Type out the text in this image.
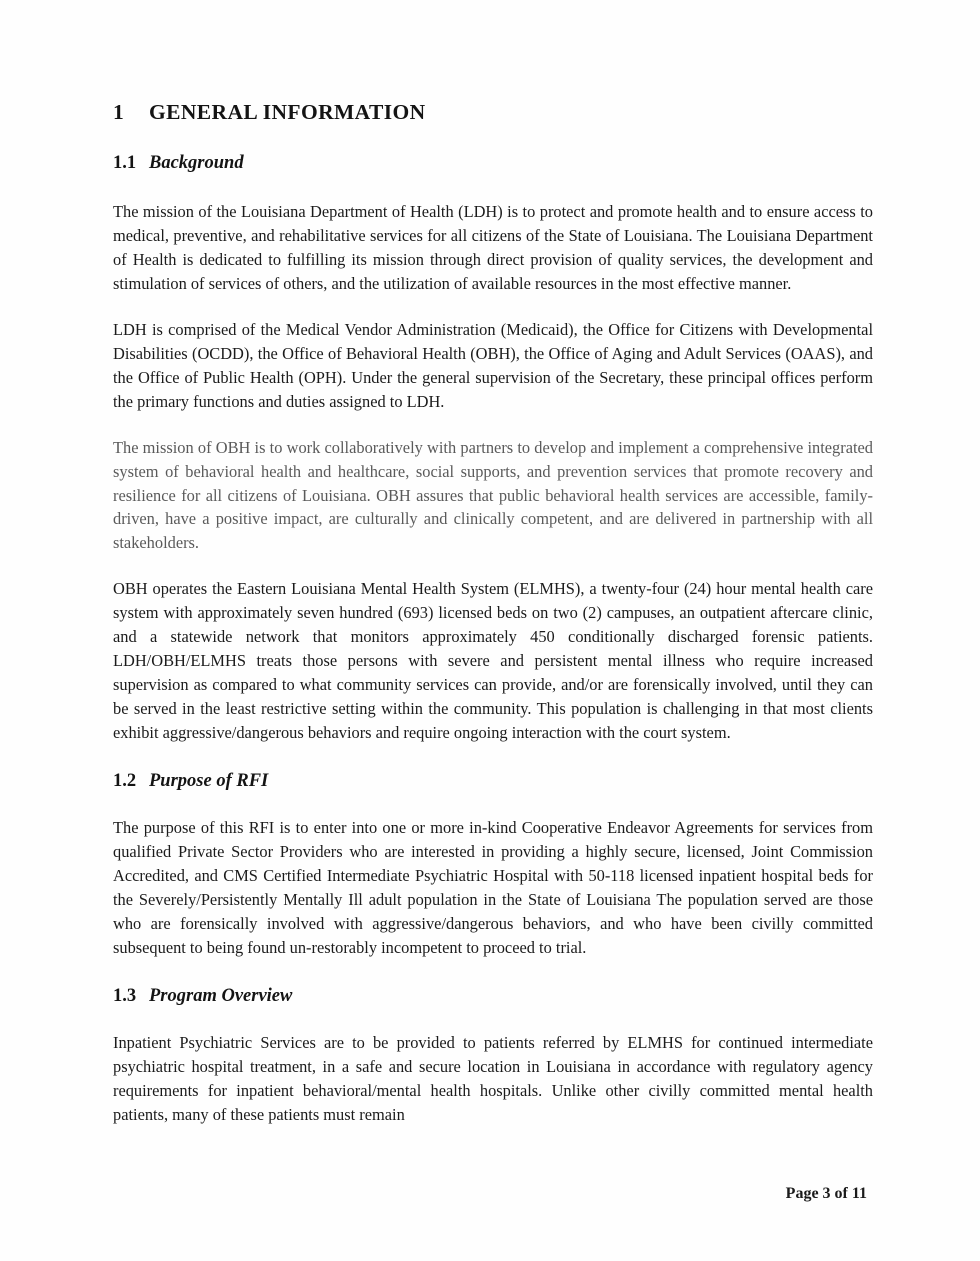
1 GENERAL INFORMATION
1.1 Background

The mission of the Louisiana Department of Health (LDH) is to protect and promote health and to ensure access to medical, preventive, and rehabilitative services for all citizens of the State of Louisiana. The Louisiana Department of Health is dedicated to fulfilling its mission through direct provision of quality services, the development and stimulation of services of others, and the utilization of available resources in the most effective manner.

LDH is comprised of the Medical Vendor Administration (Medicaid), the Office for Citizens with Developmental Disabilities (OCDD), the Office of Behavioral Health (OBH), the Office of Aging and Adult Services (OAAS), and the Office of Public Health (OPH). Under the general supervision of the Secretary, these principal offices perform the primary functions and duties assigned to LDH.

The mission of OBH is to work collaboratively with partners to develop and implement a comprehensive integrated system of behavioral health and healthcare, social supports, and prevention services that promote recovery and resilience for all citizens of Louisiana. OBH assures that public behavioral health services are accessible, family-driven, have a positive impact, are culturally and clinically competent, and are delivered in partnership with all stakeholders.

OBH operates the Eastern Louisiana Mental Health System (ELMHS), a twenty-four (24) hour mental health care system with approximately seven hundred (693) licensed beds on two (2) campuses, an outpatient aftercare clinic, and a statewide network that monitors approximately 450 conditionally discharged forensic patients. LDH/OBH/ELMHS treats those persons with severe and persistent mental illness who require increased supervision as compared to what community services can provide, and/or are forensically involved, until they can be served in the least restrictive setting within the community. This population is challenging in that most clients exhibit aggressive/dangerous behaviors and require ongoing interaction with the court system.

1.2 Purpose of RFI

The purpose of this RFI is to enter into one or more in-kind Cooperative Endeavor Agreements for services from qualified Private Sector Providers who are interested in providing a highly secure, licensed, Joint Commission Accredited, and CMS Certified Intermediate Psychiatric Hospital with 50-118 licensed inpatient hospital beds for the Severely/Persistently Mentally Ill adult population in the State of Louisiana The population served are those who are forensically involved with aggressive/dangerous behaviors, and who have been civilly committed subsequent to being found un-restorably incompetent to proceed to trial.

1.3 Program Overview

Inpatient Psychiatric Services are to be provided to patients referred by ELMHS for continued intermediate psychiatric hospital treatment, in a safe and secure location in Louisiana in accordance with regulatory agency requirements for inpatient behavioral/mental health hospitals. Unlike other civilly committed mental health patients, many of these patients must remain

Page 3 of 11
